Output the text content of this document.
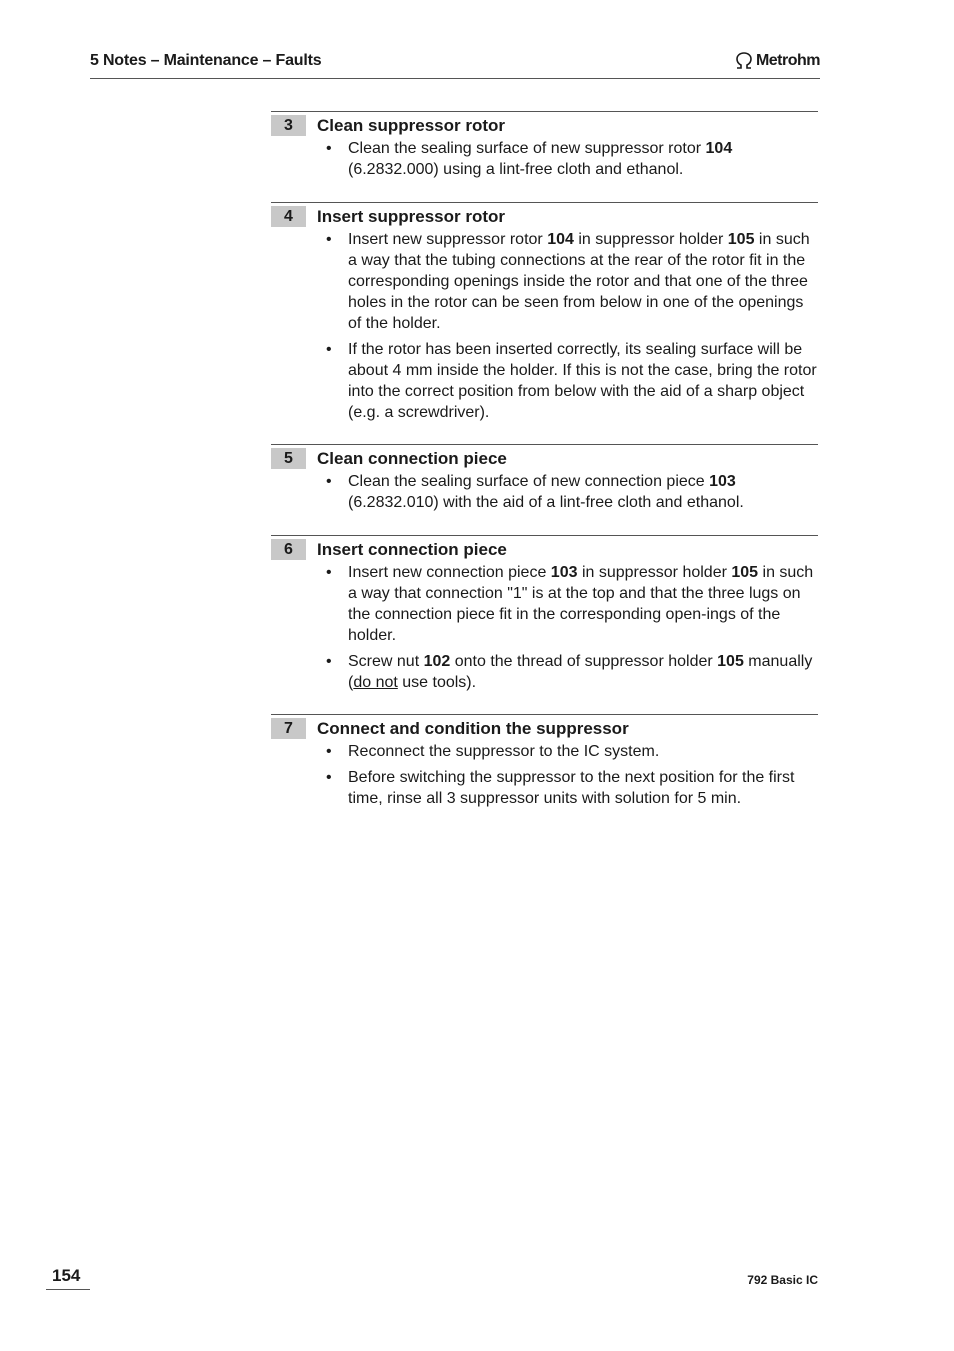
5 Notes – Maintenance – Faults	Metrohm
3	Clean suppressor rotor
• Clean the sealing surface of new suppressor rotor 104 (6.2832.000) using a lint-free cloth and ethanol.
4	Insert suppressor rotor
• Insert new suppressor rotor 104 in suppressor holder 105 in such a way that the tubing connections at the rear of the rotor fit in the corresponding openings inside the rotor and that one of the three holes in the rotor can be seen from below in one of the openings of the holder.
• If the rotor has been inserted correctly, its sealing surface will be about 4 mm inside the holder. If this is not the case, bring the rotor into the correct position from below with the aid of a sharp object (e.g. a screwdriver).
5	Clean connection piece
• Clean the sealing surface of new connection piece 103 (6.2832.010) with the aid of a lint-free cloth and ethanol.
6	Insert connection piece
• Insert new connection piece 103 in suppressor holder 105 in such a way that connection "1" is at the top and that the three lugs on the connection piece fit in the corresponding open-ings of the holder.
• Screw nut 102 onto the thread of suppressor holder 105 manually (do not use tools).
7	Connect and condition the suppressor
• Reconnect the suppressor to the IC system.
• Before switching the suppressor to the next position for the first time, rinse all 3 suppressor units with solution for 5 min.
154	792 Basic IC
